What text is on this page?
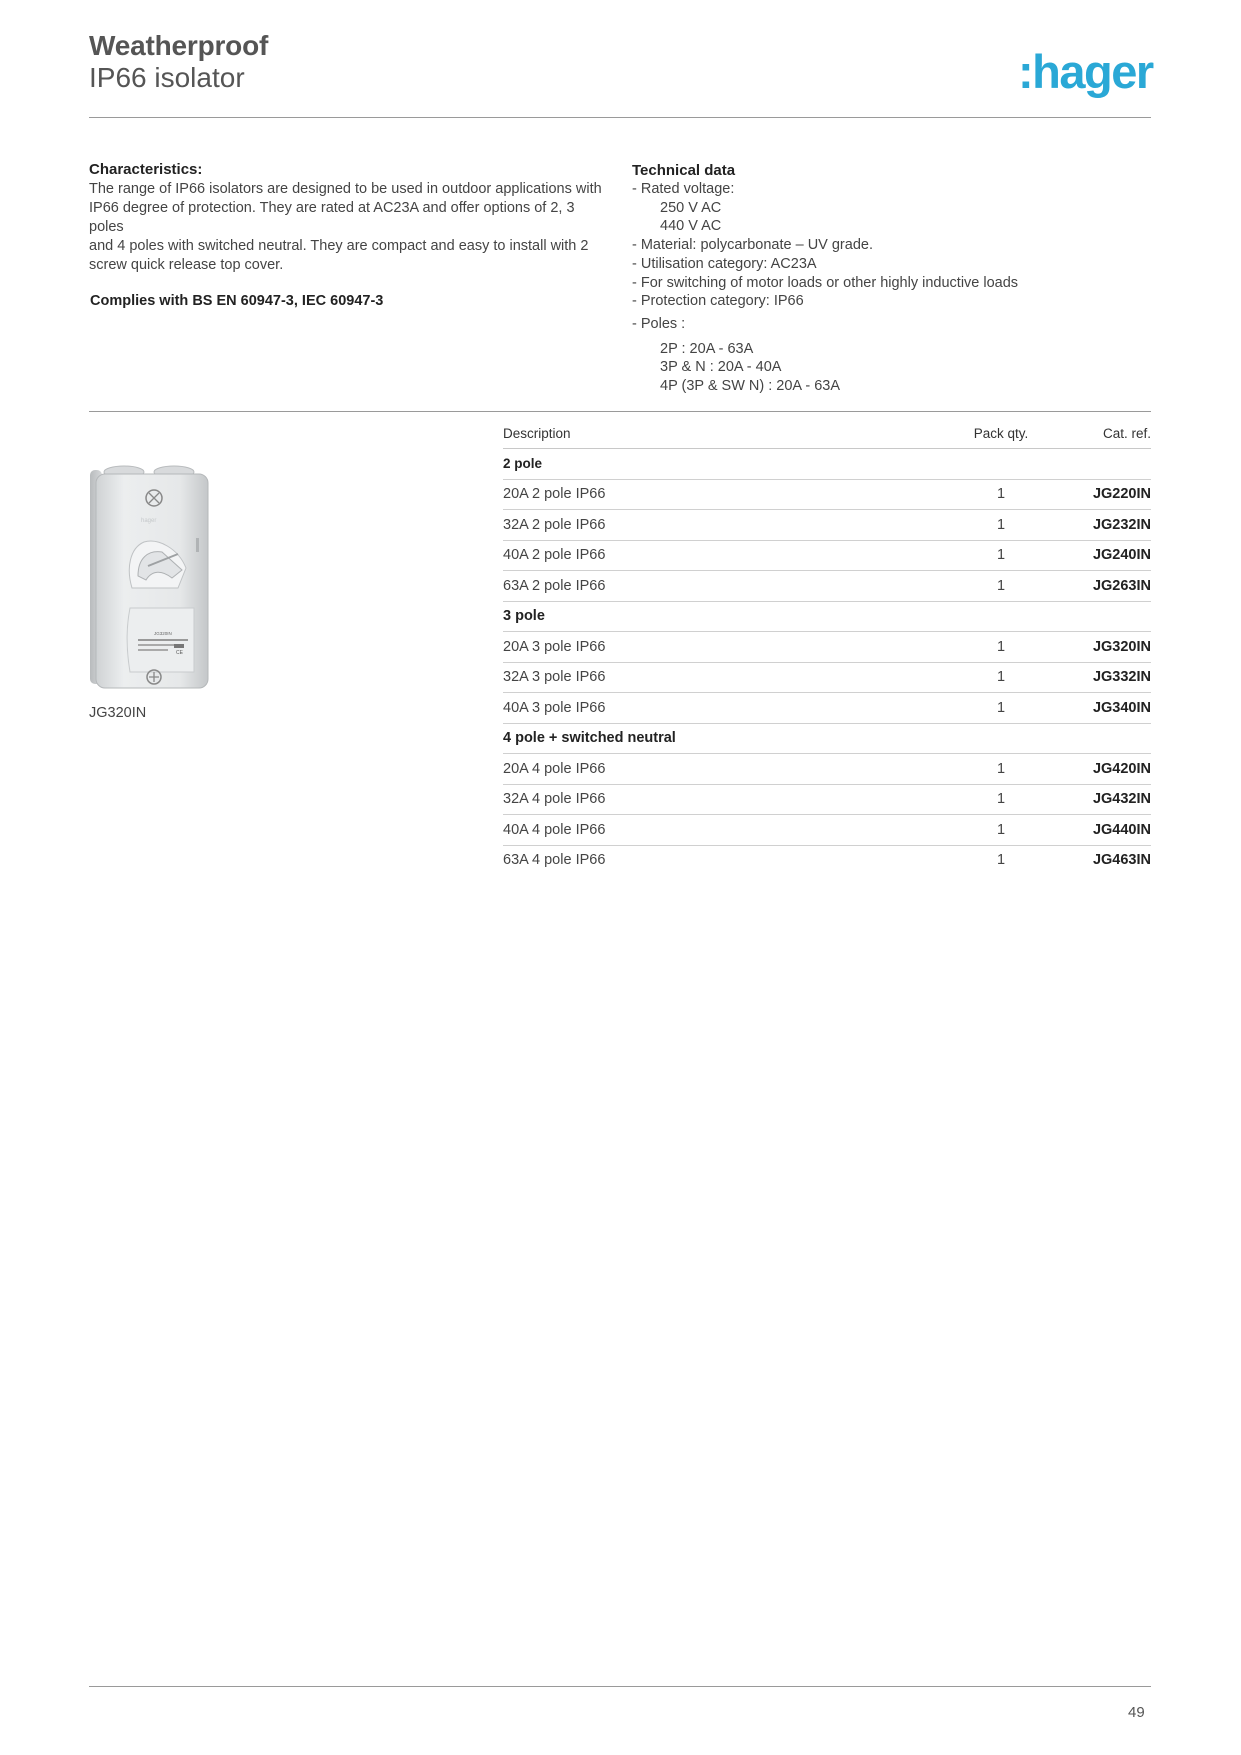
Weatherproof
IP66 isolator	:hager
Characteristics:
The range of IP66 isolators are designed to be used in outdoor applications with
IP66 degree of protection. They are rated at AC23A and offer options of 2, 3 poles
and 4 poles with switched neutral. They are compact and easy to install with 2
screw quick release top cover.
Complies with BS EN 60947-3, IEC 60947-3
Technical data
- Rated voltage:
250 V AC
440 V AC
- Material: polycarbonate – UV grade.
- Utilisation category: AC23A
- For switching of motor loads or other highly inductive loads
- Protection category: IP66
- Poles :
2P : 20A - 63A
3P & N : 20A - 40A
4P (3P & SW N) : 20A - 63A
hager
JG320IN
CE
JG320IN
Description	Pack qty.	Cat. ref.
2 pole		
20A 2 pole IP66	1	JG220IN
32A 2 pole IP66	1	JG232IN
40A 2 pole IP66	1	JG240IN
63A 2 pole IP66	1	JG263IN
3 pole		
20A 3 pole IP66	1	JG320IN
32A 3 pole IP66	1	JG332IN
40A 3 pole IP66	1	JG340IN
4 pole + switched neutral		
20A 4 pole IP66	1	JG420IN
32A 4 pole IP66	1	JG432IN
40A 4 pole IP66	1	JG440IN
63A 4 pole IP66	1	JG463IN
49
